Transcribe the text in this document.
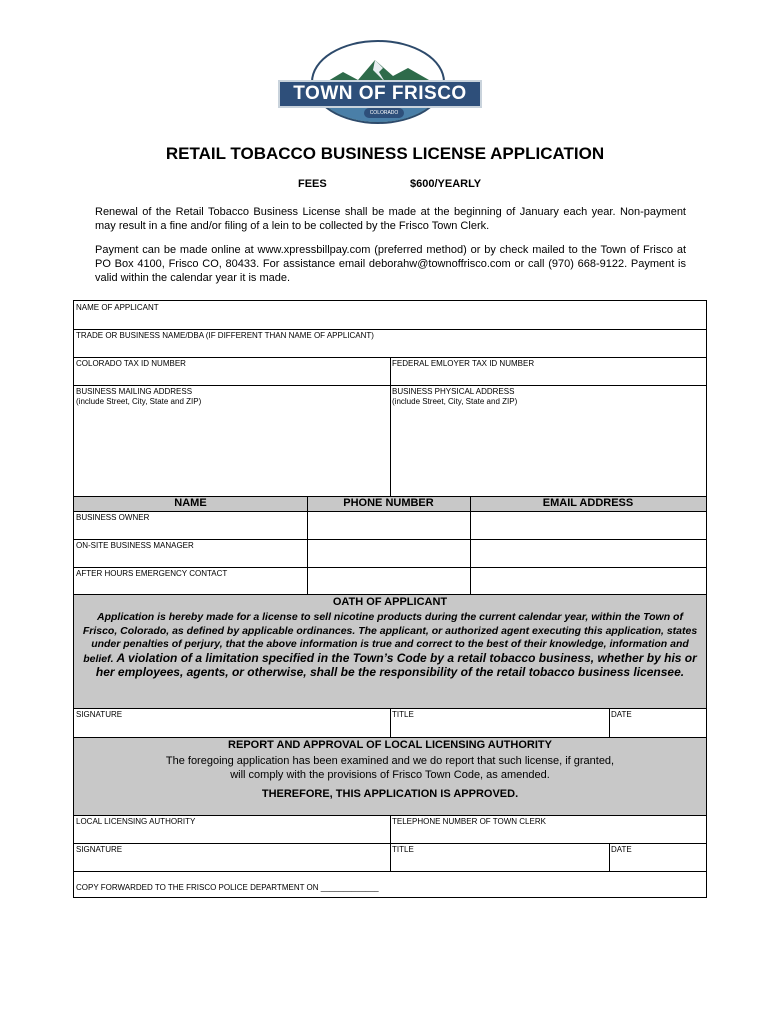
TOWN OF FRISCO
COLORADO
RETAIL TOBACCO BUSINESS LICENSE APPLICATION
FEES	$600/YEARLY
Renewal of the Retail Tobacco Business License shall be made at the beginning of January each year. Non-payment may result in a fine and/or filing of a lein to be collected by the Frisco Town Clerk.
Payment can be made online at www.xpressbillpay.com (preferred method) or by check mailed to the Town of Frisco at PO Box 4100, Frisco CO, 80433. For assistance email deborahw@townoffrisco.com or call (970) 668-9122. Payment is valid within the calendar year it is made.
NAME OF APPLICANT
TRADE OR BUSINESS NAME/DBA (IF DIFFERENT THAN NAME OF APPLICANT)
COLORADO TAX ID NUMBER	FEDERAL EMLOYER TAX ID NUMBER
BUSINESS MAILING ADDRESS
(include Street, City, State and ZIP)
BUSINESS PHYSICAL ADDRESS
(include Street, City, State and ZIP)
NAME	PHONE NUMBER	EMAIL ADDRESS
BUSINESS OWNER
ON-SITE BUSINESS MANAGER
AFTER HOURS EMERGENCY CONTACT
OATH OF APPLICANT
Application is hereby made for a license to sell nicotine products during the current calendar year, within the Town of Frisco, Colorado, as defined by applicable ordinances. The applicant, or authorized agent executing this application, states under penalties of perjury, that the above information is true and correct to the best of their knowledge, information and belief. A violation of a limitation specified in the Town’s Code by a retail tobacco business, whether by his or her employees, agents, or otherwise, shall be the responsibility of the retail tobacco business licensee.
SIGNATURE	TITLE	DATE
REPORT AND APPROVAL OF LOCAL LICENSING AUTHORITY
The foregoing application has been examined and we do report that such license, if granted,
will comply with the provisions of Frisco Town Code, as amended.
THEREFORE, THIS APPLICATION IS APPROVED.
LOCAL LICENSING AUTHORITY	TELEPHONE NUMBER OF TOWN CLERK
SIGNATURE	TITLE	DATE
COPY FORWARDED TO THE FRISCO POLICE DEPARTMENT ON _____________
